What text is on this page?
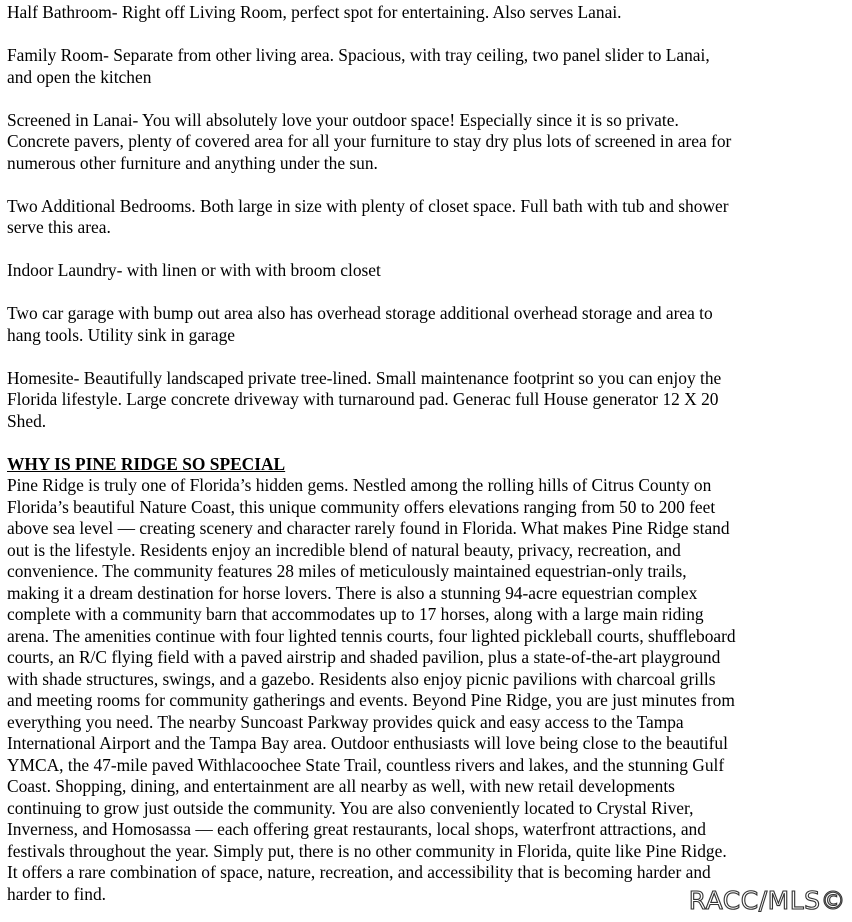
Half Bathroom- Right off Living Room, perfect spot for entertaining. Also serves Lanai.

Family Room- Separate from other living area. Spacious, with tray ceiling, two panel slider to Lanai, and open the kitchen

Screened in Lanai- You will absolutely love your outdoor space! Especially since it is so private. Concrete pavers, plenty of covered area for all your furniture to stay dry plus lots of screened in area for numerous other furniture and anything under the sun.

Two Additional Bedrooms. Both large in size with plenty of closet space. Full bath with tub and shower serve this area.

Indoor Laundry- with linen or with with broom closet

Two car garage with bump out area also has overhead storage additional overhead storage and area to hang tools. Utility sink in garage

Homesite- Beautifully landscaped private tree-lined. Small maintenance footprint so you can enjoy the Florida lifestyle. Large concrete driveway with turnaround pad. Generac full House generator 12 X 20 Shed.

WHY IS PINE RIDGE SO SPECIAL

Pine Ridge is truly one of Florida’s hidden gems. Nestled among the rolling hills of Citrus County on Florida’s beautiful Nature Coast, this unique community offers elevations ranging from 50 to 200 feet above sea level — creating scenery and character rarely found in Florida. What makes Pine Ridge stand out is the lifestyle. Residents enjoy an incredible blend of natural beauty, privacy, recreation, and convenience. The community features 28 miles of meticulously maintained equestrian-only trails, making it a dream destination for horse lovers. There is also a stunning 94-acre equestrian complex complete with a community barn that accommodates up to 17 horses, along with a large main riding arena. The amenities continue with four lighted tennis courts, four lighted pickleball courts, shuffleboard courts, an R/C flying field with a paved airstrip and shaded pavilion, plus a state-of-the-art playground with shade structures, swings, and a gazebo. Residents also enjoy picnic pavilions with charcoal grills and meeting rooms for community gatherings and events. Beyond Pine Ridge, you are just minutes from everything you need. The nearby Suncoast Parkway provides quick and easy access to the Tampa International Airport and the Tampa Bay area. Outdoor enthusiasts will love being close to the beautiful YMCA, the 47-mile paved Withlacoochee State Trail, countless rivers and lakes, and the stunning Gulf Coast. Shopping, dining, and entertainment are all nearby as well, with new retail developments continuing to grow just outside the community. You are also conveniently located to Crystal River, Inverness, and Homosassa — each offering great restaurants, local shops, waterfront attractions, and festivals throughout the year. Simply put, there is no other community in Florida, quite like Pine Ridge. It offers a rare combination of space, nature, recreation, and accessibility that is becoming harder and harder to find.	RACC/MLS©
